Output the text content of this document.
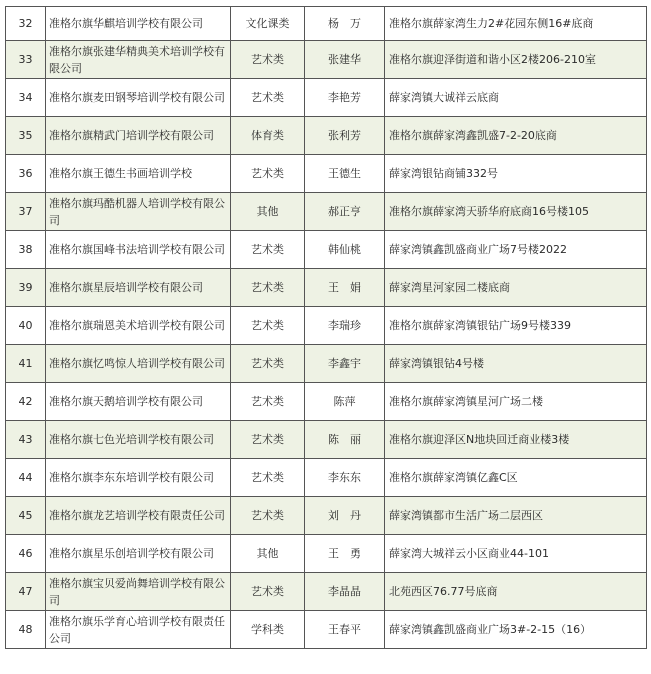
32	准格尔旗华麒培训学校有限公司	文化课类	杨　万	准格尔旗薛家湾生力2#花园东侧16#底商
33	准格尔旗张建华精典美术培训学校有限公司	艺术类	张建华	准格尔旗迎泽街道和谐小区2楼206-210室
34	准格尔旗麦田钢琴培训学校有限公司	艺术类	李艳芳	薛家湾镇大诚祥云底商
35	准格尔旗精武门培训学校有限公司	体育类	张利芳	准格尔旗薛家湾鑫凯盛7-2-20底商
36	准格尔旗王德生书画培训学校	艺术类	王德生	薛家湾银钻商铺332号
37	准格尔旗玛酷机器人培训学校有限公司	其他	郝正亨	准格尔旗薛家湾天骄华府底商16号楼105
38	准格尔旗国峰书法培训学校有限公司	艺术类	韩仙桃	薛家湾镇鑫凯盛商业广场7号楼2022
39	准格尔旗星辰培训学校有限公司	艺术类	王　娟	薛家湾星河家园二楼底商
40	准格尔旗瑞恩美术培训学校有限公司	艺术类	李瑞珍	准格尔旗薛家湾镇银钻广场9号楼339
41	准格尔旗忆鸣惊人培训学校有限公司	艺术类	李鑫宇	薛家湾镇银钻4号楼
42	准格尔旗天鹅培训学校有限公司	艺术类	陈萍	准格尔旗薛家湾镇星河广场二楼
43	准格尔旗七色光培训学校有限公司	艺术类	陈　丽	准格尔旗迎泽区N地块回迁商业楼3楼
44	准格尔旗李东东培训学校有限公司	艺术类	李东东	准格尔旗薛家湾镇亿鑫C区
45	准格尔旗龙艺培训学校有限责任公司	艺术类	刘　丹	薛家湾镇都市生活广场二层西区
46	准格尔旗星乐创培训学校有限公司	其他	王　勇	薛家湾大城祥云小区商业44-101
47	准格尔旗宝贝爱尚舞培训学校有限公司	艺术类	李晶晶	北苑西区76.77号底商
48	准格尔旗乐学育心培训学校有限责任公司	学科类	王春平	薛家湾镇鑫凯盛商业广场3#-2-15（16）
